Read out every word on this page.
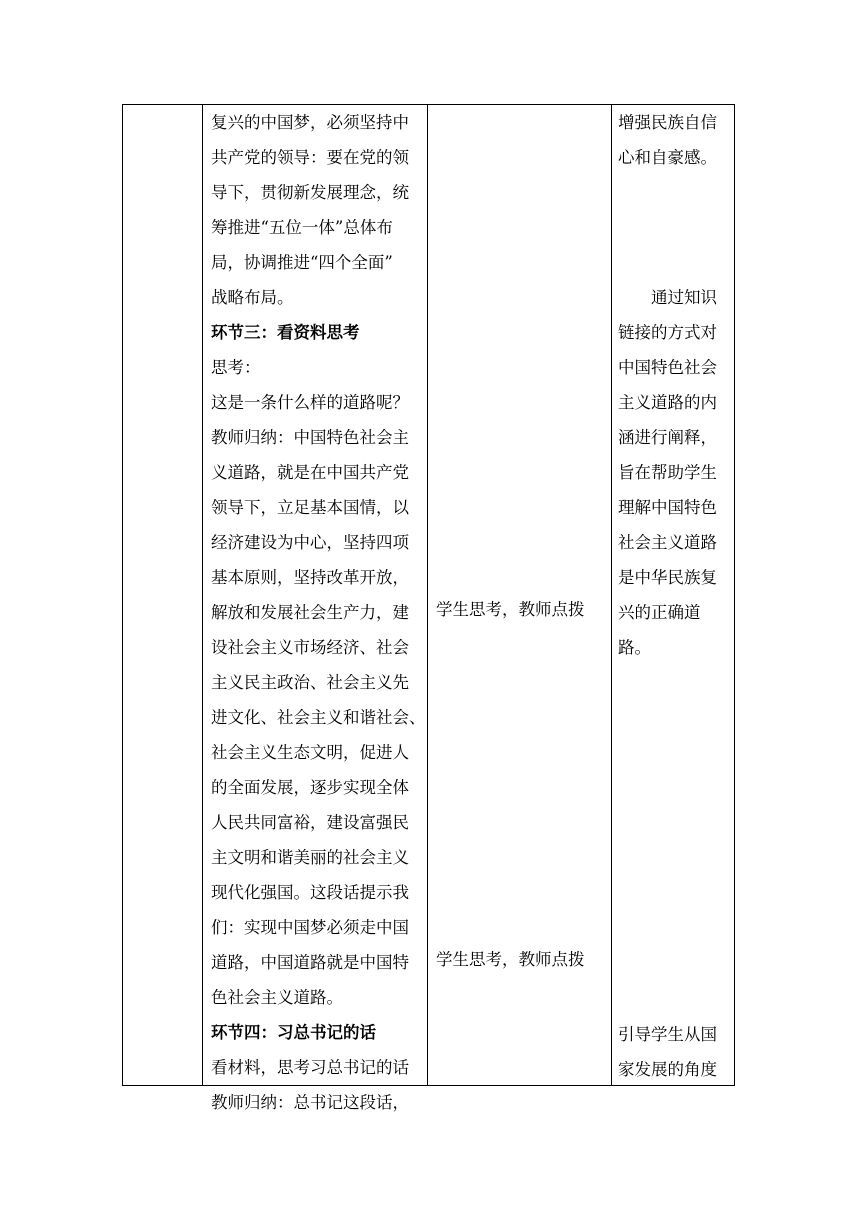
复兴的中国梦，必须坚持中
共产党的领导：要在党的领
导下，贯彻新发展理念，统
筹推进“五位一体”总体布
局，协调推进“四个全面”
战略布局。
环节三：看资料思考
思考：
这是一条什么样的道路呢？
教师归纳：中国特色社会主
义道路，就是在中国共产党
领导下，立足基本国情，以
经济建设为中心，坚持四项
基本原则，坚持改革开放，
解放和发展社会生产力，建
设社会主义市场经济、社会
主义民主政治、社会主义先
进文化、社会主义和谐社会、
社会主义生态文明，促进人
的全面发展，逐步实现全体
人民共同富裕，建设富强民
主文明和谐美丽的社会主义
现代化强国。这段话提示我
们：实现中国梦必须走中国
道路，中国道路就是中国特
色社会主义道路。
环节四：习总书记的话
看材料，思考习总书记的话
教师归纳：总书记这段话，
学生思考，教师点拨
学生思考，教师点拨
增强民族自信
心和自豪感。
通过知识
链接的方式对
中国特色社会
主义道路的内
涵进行阐释，
旨在帮助学生
理解中国特色
社会主义道路
是中华民族复
兴的正确道
路。
引导学生从国
家发展的角度
